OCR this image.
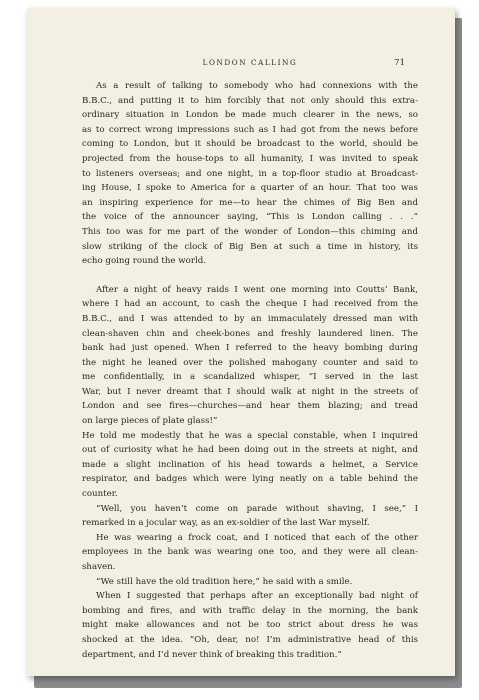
LONDON CALLING	71
As a result of talking to somebody who had connexions with the
B.B.C., and putting it to him forcibly that not only should this extra-
ordinary situation in London be made much clearer in the news, so
as to correct wrong impressions such as I had got from the news before
coming to London, but it should be broadcast to the world, should be
projected from the house-tops to all humanity, I was invited to speak
to listeners overseas; and one night, in a top-floor studio at Broadcast-
ing House, I spoke to America for a quarter of an hour. That too was
an inspiring experience for me—to hear the chimes of Big Ben and
the voice of the announcer saying, “This is London calling . . .”
This too was for me part of the wonder of London—this chiming and
slow striking of the clock of Big Ben at such a time in history, its
echo going round the world.
After a night of heavy raids I went one morning into Coutts’ Bank,
where I had an account, to cash the cheque I had received from the
B.B.C., and I was attended to by an immaculately dressed man with
clean-shaven chin and cheek-bones and freshly laundered linen. The
bank had just opened. When I referred to the heavy bombing during
the night he leaned over the polished mahogany counter and said to
me confidentially, in a scandalized whisper, “I served in the last
War, but I never dreamt that I should walk at night in the streets of
London and see fires—churches—and hear them blazing; and tread
on large pieces of plate glass!”
He told me modestly that he was a special constable, when I inquired
out of curiosity what he had been doing out in the streets at night, and
made a slight inclination of his head towards a helmet, a Service
respirator, and badges which were lying neatly on a table behind the
counter.
“Well, you haven’t come on parade without shaving, I see,” I
remarked in a jocular way, as an ex-soldier of the last War myself.
He was wearing a frock coat, and I noticed that each of the other
employees in the bank was wearing one too, and they were all clean-
shaven.
“We still have the old tradition here,” he said with a smile.
When I suggested that perhaps after an exceptionally bad night of
bombing and fires, and with traffic delay in the morning, the bank
might make allowances and not be too strict about dress he was
shocked at the idea. “Oh, dear, no! I’m administrative head of this
department, and I’d never think of breaking this tradition.”
